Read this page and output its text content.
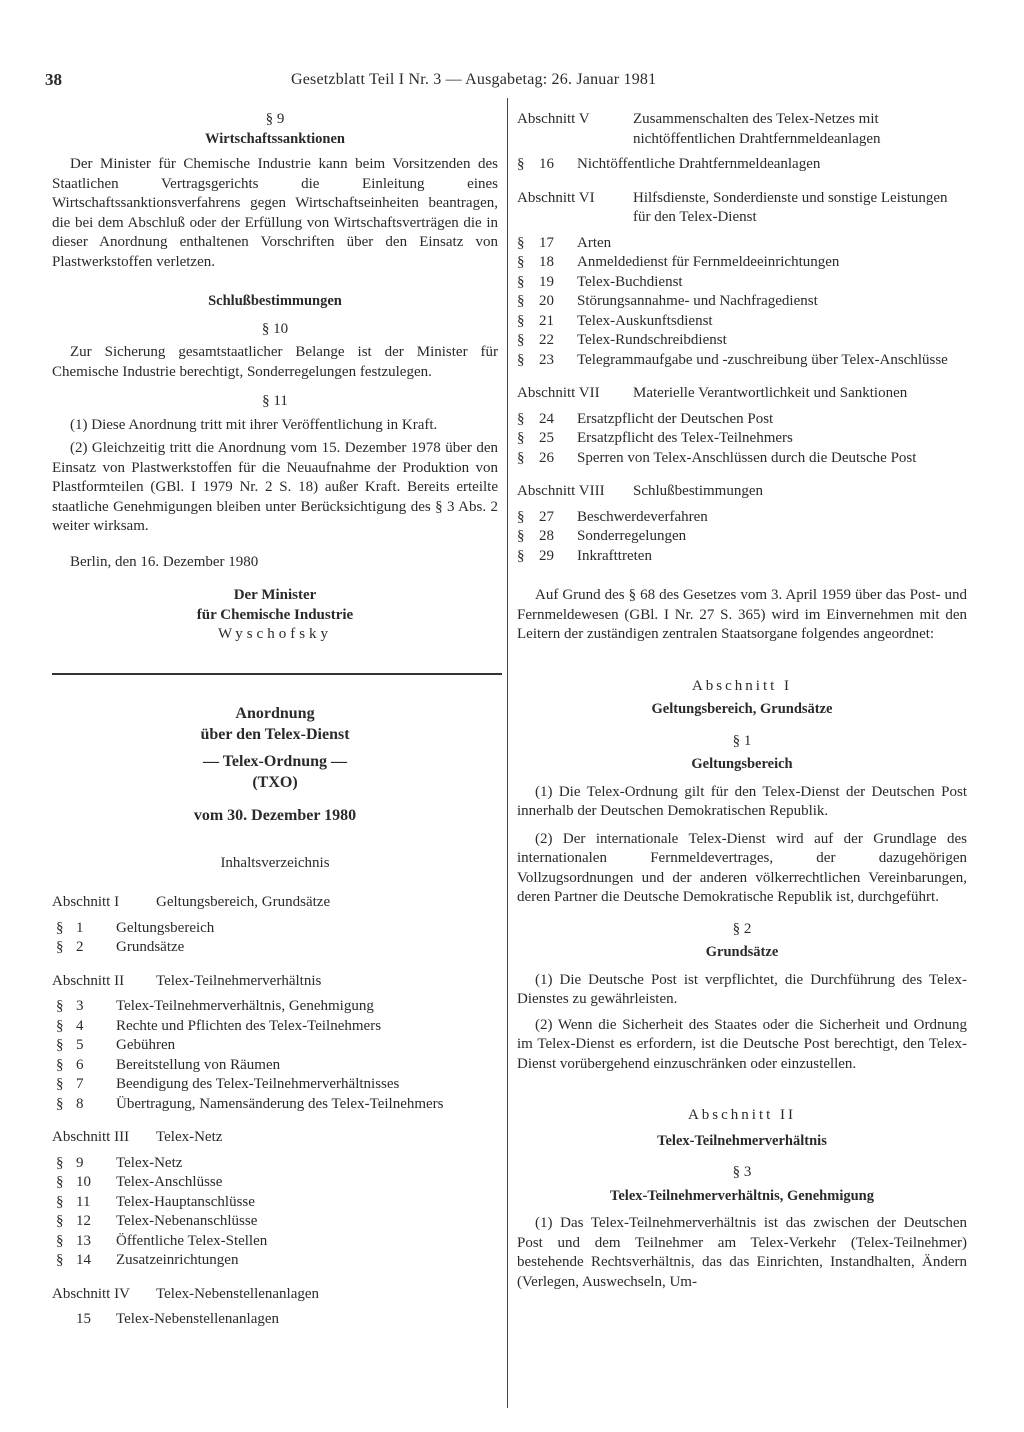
38	Gesetzblatt Teil I Nr. 3 — Ausgabetag: 26. Januar 1981
§ 9
Wirtschaftssanktionen

Der Minister für Chemische Industrie kann beim Vorsitzenden des Staatlichen Vertragsgerichts die Einleitung eines Wirtschaftssanktionsverfahrens gegen Wirtschaftseinheiten beantragen, die bei dem Abschluß oder der Erfüllung von Wirtschaftsverträgen die in dieser Anordnung enthaltenen Vorschriften über den Einsatz von Plastwerkstoffen verletzen.

Schlußbestimmungen
§ 10

Zur Sicherung gesamtstaatlicher Belange ist der Minister für Chemische Industrie berechtigt, Sonderregelungen festzulegen.

§ 11

(1) Diese Anordnung tritt mit ihrer Veröffentlichung in Kraft.

(2) Gleichzeitig tritt die Anordnung vom 15. Dezember 1978 über den Einsatz von Plastwerkstoffen für die Neuaufnahme der Produktion von Plastformteilen (GBl. I 1979 Nr. 2 S. 18) außer Kraft. Bereits erteilte staatliche Genehmigungen bleiben unter Berücksichtigung des § 3 Abs. 2 weiter wirksam.

Berlin, den 16. Dezember 1980

Der Minister
für Chemische Industrie
Wyschofsky
Anordnung
über den Telex-Dienst
— Telex-Ordnung —
(TXO)
vom 30. Dezember 1980
Inhaltsverzeichnis
Abschnitt I	Geltungsbereich, Grundsätze
§ 1	Geltungsbereich
§ 2	Grundsätze
Abschnitt II	Telex-Teilnehmerverhältnis
§ 3	Telex-Teilnehmerverhältnis, Genehmigung
§ 4	Rechte und Pflichten des Telex-Teilnehmers
§ 5	Gebühren
§ 6	Bereitstellung von Räumen
§ 7	Beendigung des Telex-Teilnehmerverhältnisses
§ 8	Übertragung, Namensänderung des Telex-Teilnehmers
Abschnitt III	Telex-Netz
§ 9	Telex-Netz
§ 10	Telex-Anschlüsse
§ 11	Telex-Hauptanschlüsse
§ 12	Telex-Nebenanschlüsse
§ 13	Öffentliche Telex-Stellen
§ 14	Zusatzeinrichtungen
Abschnitt IV	Telex-Nebenstellenanlagen
15	Telex-Nebenstellenanlagen
Abschnitt V	Zusammenschalten des Telex-Netzes mit nichtöffentlichen Drahtfernmeldeanlagen
§ 16	Nichtöffentliche Drahtfernmeldeanlagen
Abschnitt VI	Hilfsdienste, Sonderdienste und sonstige Leistungen für den Telex-Dienst
§ 17	Arten
§ 18	Anmeldedienst für Fernmeldeeinrichtungen
§ 19	Telex-Buchdienst
§ 20	Störungsannahme- und Nachfragedienst
§ 21	Telex-Auskunftsdienst
§ 22	Telex-Rundschreibdienst
§ 23	Telegrammaufgabe und -zuschreibung über Telex-Anschlüsse
Abschnitt VII	Materielle Verantwortlichkeit und Sanktionen
§ 24	Ersatzpflicht der Deutschen Post
§ 25	Ersatzpflicht des Telex-Teilnehmers
§ 26	Sperren von Telex-Anschlüssen durch die Deutsche Post
Abschnitt VIII	Schlußbestimmungen
§ 27	Beschwerdeverfahren
§ 28	Sonderregelungen
§ 29	Inkrafttreten

Auf Grund des § 68 des Gesetzes vom 3. April 1959 über das Post- und Fernmeldewesen (GBl. I Nr. 27 S. 365) wird im Einvernehmen mit den Leitern der zuständigen zentralen Staatsorgane folgendes angeordnet:

Abschnitt I
Geltungsbereich, Grundsätze
§ 1
Geltungsbereich

(1) Die Telex-Ordnung gilt für den Telex-Dienst der Deutschen Post innerhalb der Deutschen Demokratischen Republik.

(2) Der internationale Telex-Dienst wird auf der Grundlage des internationalen Fernmeldevertrages, der dazugehörigen Vollzugsordnungen und der anderen völkerrechtlichen Vereinbarungen, deren Partner die Deutsche Demokratische Republik ist, durchgeführt.

§ 2
Grundsätze

(1) Die Deutsche Post ist verpflichtet, die Durchführung des Telex-Dienstes zu gewährleisten.

(2) Wenn die Sicherheit des Staates oder die Sicherheit und Ordnung im Telex-Dienst es erfordern, ist die Deutsche Post berechtigt, den Telex-Dienst vorübergehend einzuschränken oder einzustellen.

Abschnitt II
Telex-Teilnehmerverhältnis
§ 3
Telex-Teilnehmerverhältnis, Genehmigung

(1) Das Telex-Teilnehmerverhältnis ist das zwischen der Deutschen Post und dem Teilnehmer am Telex-Verkehr (Telex-Teilnehmer) bestehende Rechtsverhältnis, das das Einrichten, Instandhalten, Ändern (Verlegen, Auswechseln, Um-
